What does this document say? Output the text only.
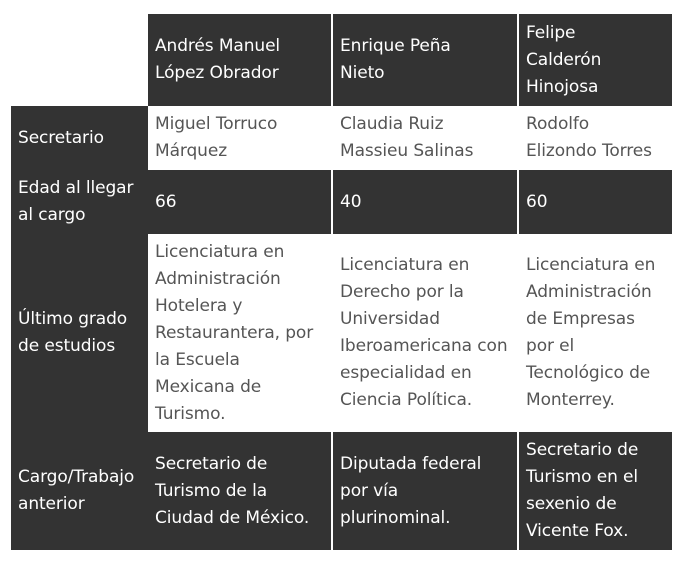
Andrés Manuel
López Obrador
Enrique Peña
Nieto
Felipe
Calderón
Hinojosa
Secretario
Miguel Torruco
Márquez
Claudia Ruiz
Massieu Salinas
Rodolfo
Elizondo Torres
Edad al llegar
al cargo
66	40	60
Último grado
de estudios
Licenciatura en
Administración
Hotelera y
Restaurantera, por
la Escuela
Mexicana de
Turismo.
Licenciatura en
Derecho por la
Universidad
Iberoamericana con
especialidad en
Ciencia Política.
Licenciatura en
Administración
de Empresas
por el
Tecnológico de
Monterrey.
Cargo/Trabajo
anterior
Secretario de
Turismo de la
Ciudad de México.
Diputada federal
por vía
plurinominal.
Secretario de
Turismo en el
sexenio de
Vicente Fox.
